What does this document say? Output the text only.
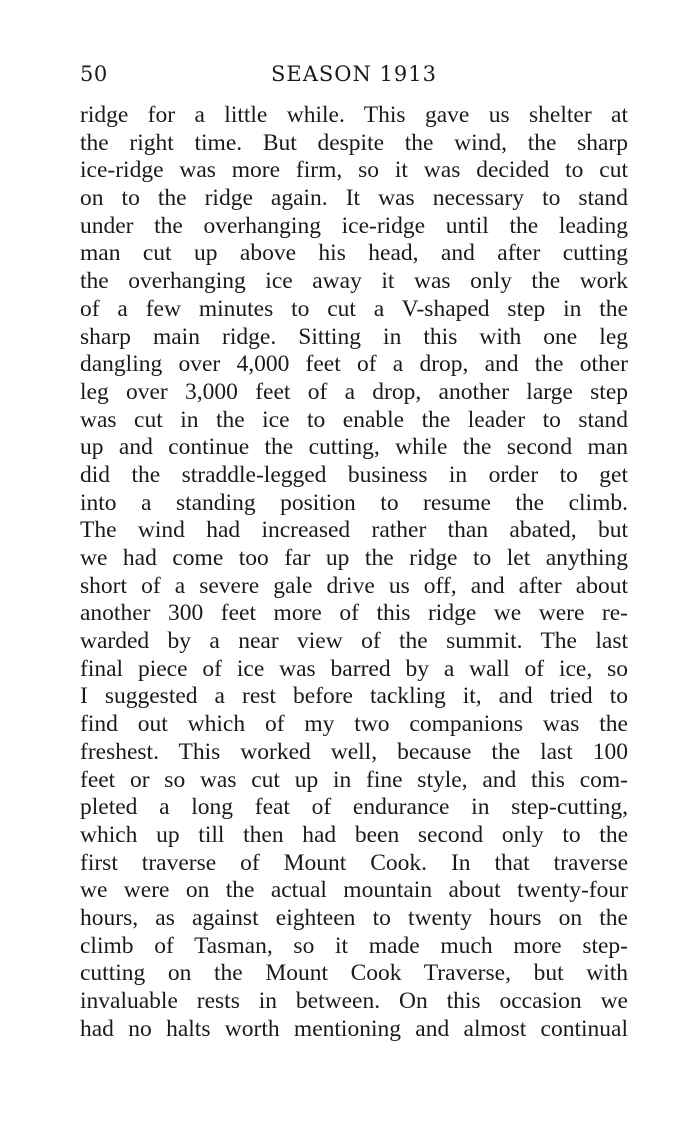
50	SEASON 1913
ridge for a little while. This gave us shelter at
the right time. But despite the wind, the sharp
ice-ridge was more firm, so it was decided to cut
on to the ridge again. It was necessary to stand
under the overhanging ice-ridge until the leading
man cut up above his head, and after cutting
the overhanging ice away it was only the work
of a few minutes to cut a V-shaped step in the
sharp main ridge. Sitting in this with one leg
dangling over 4,000 feet of a drop, and the other
leg over 3,000 feet of a drop, another large step
was cut in the ice to enable the leader to stand
up and continue the cutting, while the second man
did the straddle-legged business in order to get
into a standing position to resume the climb.
The wind had increased rather than abated, but
we had come too far up the ridge to let anything
short of a severe gale drive us off, and after about
another 300 feet more of this ridge we were re-
warded by a near view of the summit. The last
final piece of ice was barred by a wall of ice, so
I suggested a rest before tackling it, and tried to
find out which of my two companions was the
freshest. This worked well, because the last 100
feet or so was cut up in fine style, and this com-
pleted a long feat of endurance in step-cutting,
which up till then had been second only to the
first traverse of Mount Cook. In that traverse
we were on the actual mountain about twenty-four
hours, as against eighteen to twenty hours on the
climb of Tasman, so it made much more step-
cutting on the Mount Cook Traverse, but with
invaluable rests in between. On this occasion we
had no halts worth mentioning and almost continual
